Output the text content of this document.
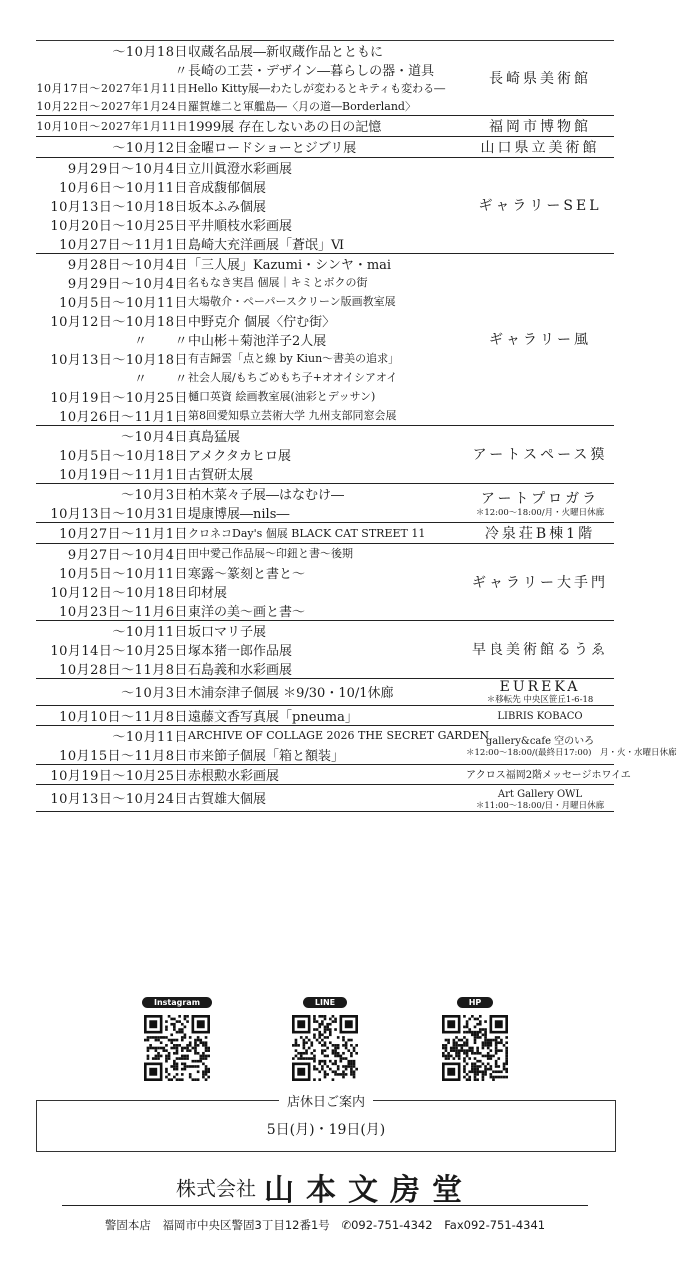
～10月18日	収蔵名品展―新収蔵作品とともに	長崎県美術館
〃	長崎の工芸・デザイン―暮らしの器・道具	
10月17日～2027年1月11日	Hello Kitty展―わたしが変わるとキティも変わる―	
10月22日～2027年1月24日	羅賀雄二と軍艦島―〈月の道―Borderland〉	
10月10日～2027年1月11日	1999展 存在しないあの日の記憶	福岡市博物館
～10月12日	金曜ロードショーとジブリ展	山口県立美術館
9月29日～10月4日	立川眞澄水彩画展	ギャラリーSEL
10月6日～10月11日	音成馥郁個展	
10月13日～10月18日	坂本ふみ個展	
10月20日～10月25日	平井順枝水彩画展	
10月27日～11月1日	島崎大充洋画展「蒼氓」Ⅵ	
9月28日～10月4日	「三人展」Kazumi・シンヤ・mai	ギャラリー風
9月29日～10月4日	名もなき実昌 個展｜キミとボクの街	
10月5日～10月11日	大場敬介・ペーパースクリーン版画教室展	
10月12日～10月18日	中野克介 個展〈佇む街〉	
〃　　〃	中山彬＋菊池洋子2人展	
10月13日～10月18日	有吉歸雲「点と線 by Kiun～書美の追求」	
〃　　〃	社会人展/もちごめもち子+オオイシアオイ	
10月19日～10月25日	樋口英資 絵画教室展(油彩とデッサン)	
10月26日～11月1日	第8回愛知県立芸術大学 九州支部同窓会展	
～10月4日	真島猛展	アートスペース獏
10月5日～10月18日	アメクタカヒロ展	
10月19日～11月1日	古賀研太展	
～10月3日	柏木菜々子展―はなむけ―	アートプロガラ
＊12:00～18:00/月・火曜日休廊

10月13日～10月31日	堤康博展―nils―	
10月27日～11月1日	クロネコDay's 個展 BLACK CAT STREET 11	冷泉荘B棟1階
9月27日～10月4日	田中愛己作品展～印鈕と書～後期	ギャラリー大手門
10月5日～10月11日	寒露～篆刻と書と～	
10月12日～10月18日	印材展	
10月23日～11月6日	東洋の美～画と書～	
～10月11日	坂口マリ子展	早良美術館るうゑ
10月14日～10月25日	塚本猪一郎作品展	
10月28日～11月8日	石島義和水彩画展	
～10月3日	木浦奈津子個展 ＊9/30・10/1休廊	EUREKA
＊移転先 中央区笹丘1-6-18

10月10日～11月8日	遠藤文香写真展「pneuma」	LIBRIS KOBACO
～10月11日	ARCHIVE OF COLLAGE 2026 THE SECRET GARDEN	gallery&cafe 空のいろ
＊12:00～18:00/(最終日17:00)　月・火・水曜日休廊

10月15日～11月8日	市来節子個展「箱と額装」	
10月19日～10月25日	赤根勲水彩画展	アクロス福岡2階メッセージホワイエ
10月13日～10月24日	古賀雄大個展	Art Gallery OWL
＊11:00～18:00/日・月曜日休廊
Instagram	LINE	HP
店休日ご案内
5日(月)・19日(月)
株式会社 山本文房堂
警固本店 福岡市中央区警固3丁目12番1号 ✆092-751-4342 Fax092-751-4341
